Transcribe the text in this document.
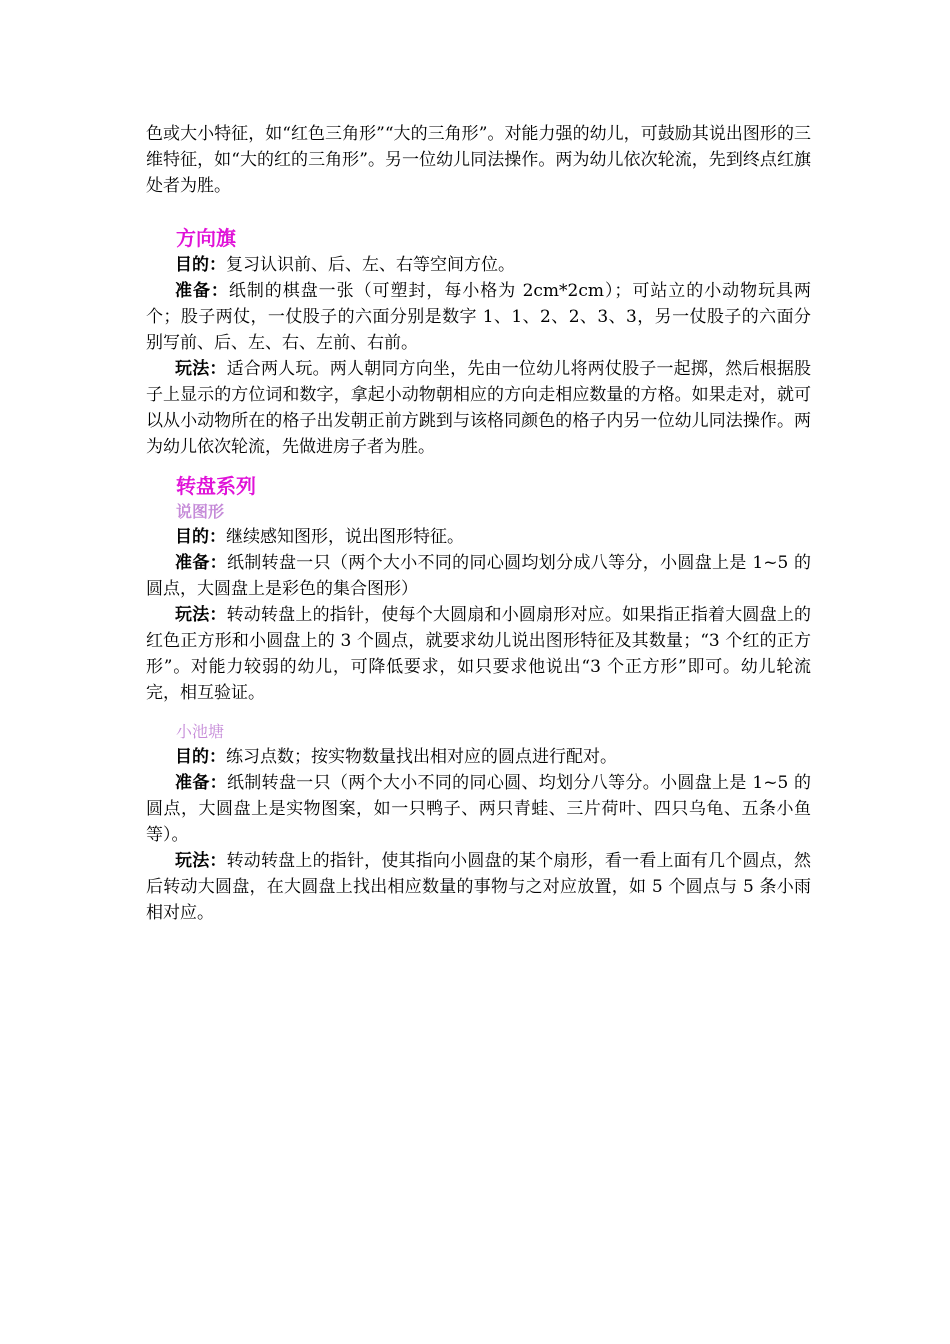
色或大小特征，如“红色三角形”“大的三角形”。对能力强的幼儿，可鼓励其说出图形的三维特征，如“大的红的三角形”。另一位幼儿同法操作。两为幼儿依次轮流，先到终点红旗处者为胜。

方向旗

目的：复习认识前、后、左、右等空间方位。

准备：纸制的棋盘一张（可塑封，每小格为 2cm*2cm）；可站立的小动物玩具两个；股子两仗，一仗股子的六面分别是数字 1、1、2、2、3、3，另一仗股子的六面分别写前、后、左、右、左前、右前。

玩法：适合两人玩。两人朝同方向坐，先由一位幼儿将两仗股子一起掷，然后根据股子上显示的方位词和数字，拿起小动物朝相应的方向走相应数量的方格。如果走对，就可以从小动物所在的格子出发朝正前方跳到与该格同颜色的格子内另一位幼儿同法操作。两为幼儿依次轮流，先做进房子者为胜。

转盘系列
说图形

目的：继续感知图形，说出图形特征。

准备：纸制转盘一只（两个大小不同的同心圆均划分成八等分，小圆盘上是 1~5 的圆点，大圆盘上是彩色的集合图形）

玩法：转动转盘上的指针，使每个大圆扇和小圆扇形对应。如果指正指着大圆盘上的红色正方形和小圆盘上的 3 个圆点，就要求幼儿说出图形特征及其数量；“3 个红的正方形”。对能力较弱的幼儿，可降低要求，如只要求他说出“3 个正方形”即可。幼儿轮流完，相互验证。

小池塘

目的：练习点数；按实物数量找出相对应的圆点进行配对。

准备：纸制转盘一只（两个大小不同的同心圆、均划分八等分。小圆盘上是 1~5 的圆点，大圆盘上是实物图案，如一只鸭子、两只青蛙、三片荷叶、四只乌龟、五条小鱼等）。

玩法：转动转盘上的指针，使其指向小圆盘的某个扇形，看一看上面有几个圆点，然后转动大圆盘，在大圆盘上找出相应数量的事物与之对应放置，如 5 个圆点与 5 条小雨相对应。
